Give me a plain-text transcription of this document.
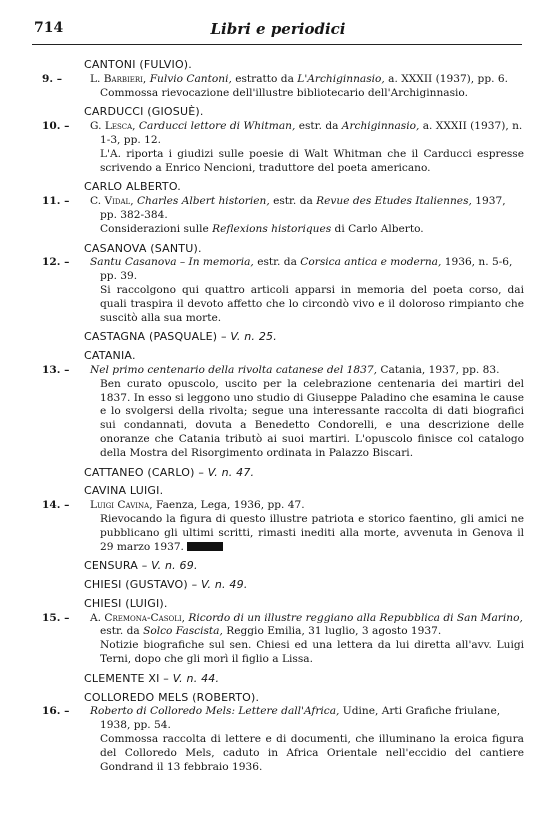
714	Libri e periodici
CANTONI (FULVIO).
9. –	L. Barbieri, Fulvio Cantoni, estratto da L'Archiginnasio, a. XXXII (1937), pp. 6.
Commossa rievocazione dell'illustre bibliotecario dell'Archiginnasio.
CARDUCCI (GIOSUÈ).
10. –	G. Lesca, Carducci lettore di Whitman, estr. da Archiginnasio, a. XXXII (1937), n. 1-3, pp. 12.
L'A. riporta i giudizi sulle poesie di Walt Whitman che il Carducci espresse scrivendo a Enrico Nencioni, traduttore del poeta americano.
CARLO ALBERTO.
11. –	C. Vidal, Charles Albert historien, estr. da Revue des Etudes Italiennes, 1937, pp. 382-384.
Considerazioni sulle Reflexions historiques di Carlo Alberto.
CASANOVA (SANTU).
12. –	Santu Casanova – In memoria, estr. da Corsica antica e moderna, 1936, n. 5-6, pp. 39.
Si raccolgono qui quattro articoli apparsi in memoria del poeta corso, dai quali traspira il devoto affetto che lo circondò vivo e il doloroso rimpianto che suscitò alla sua morte.
CASTAGNA (PASQUALE) – V. n. 25.
CATANIA.
13. –	Nel primo centenario della rivolta catanese del 1837, Catania, 1937, pp. 83.
Ben curato opuscolo, uscito per la celebrazione centenaria dei martiri del 1837. In esso si leggono uno studio di Giuseppe Paladino che esamina le cause e lo svolgersi della rivolta; segue una interessante raccolta di dati biografici sui condannati, dovuta a Benedetto Condorelli, e una descrizione delle onoranze che Catania tributò ai suoi martiri. L'opuscolo finisce col catalogo della Mostra del Risorgimento ordinata in Palazzo Biscari.
CATTANEO (CARLO) – V. n. 47.
CAVINA LUIGI.
14. –	Luigi Cavina, Faenza, Lega, 1936, pp. 47.
Rievocando la figura di questo illustre patriota e storico faentino, gli amici ne pubblicano gli ultimi scritti, rimasti inediti alla morte, avvenuta in Genova il 29 marzo 1937.
CENSURA – V. n. 69.
CHIESI (GUSTAVO) – V. n. 49.
CHIESI (LUIGI).
15. –	A. Cremona-Casoli, Ricordo di un illustre reggiano alla Repubblica di San Marino, estr. da Solco Fascista, Reggio Emilia, 31 luglio, 3 agosto 1937.
Notizie biografiche sul sen. Chiesi ed una lettera da lui diretta all'avv. Luigi Terni, dopo che gli morì il figlio a Lissa.
CLEMENTE XI – V. n. 44.
COLLOREDO MELS (ROBERTO).
16. –	Roberto di Colloredo Mels: Lettere dall'Africa, Udine, Arti Grafiche friulane, 1938, pp. 54.
Commossa raccolta di lettere e di documenti, che illuminano la eroica figura del Colloredo Mels, caduto in Africa Orientale nell'eccidio del cantiere Gondrand il 13 febbraio 1936.
